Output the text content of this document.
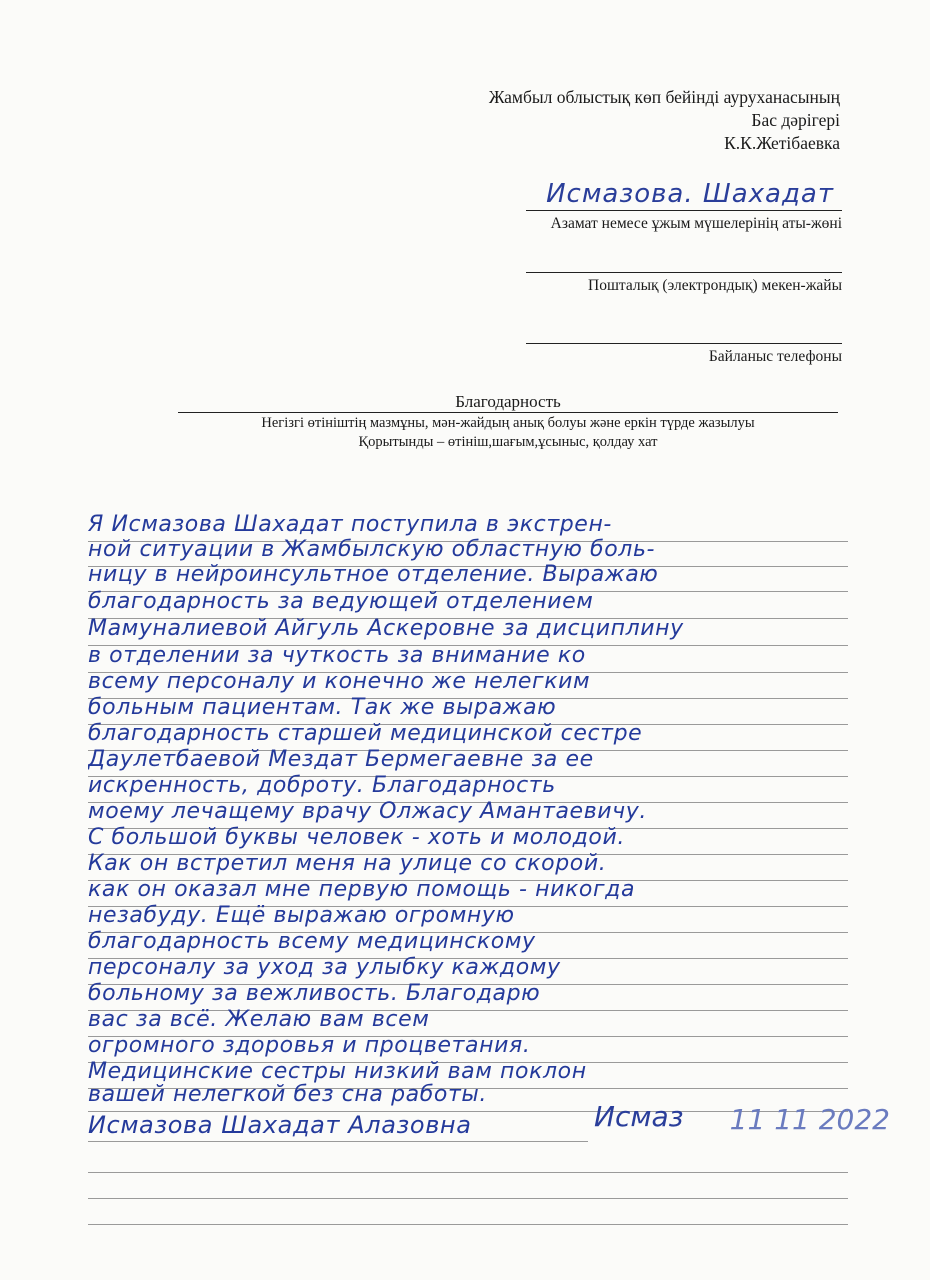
Жамбыл облыстық көп бейінді ауруханасының
Бас дәрігері
К.К.Жетібаевка
Исмазова. Шахадат
Азамат немесе ұжым мүшелерінің аты-жөні
Пошталық (электрондық) мекен-жайы
Байланыс телефоны
Благодарность
Негізгі өтініштің мазмұны, мән-жайдың анық болуы және еркін түрде жазылуы
Қорытынды – өтініш,шағым,ұсыныс, қолдау хат
Я Исмазова Шахадат поступила в экстрен-
ной ситуации в Жамбылскую областную боль-
ницу в нейроинсультное отделение. Выражаю
благодарность за ведующей отделением
Мамуналиевой Айгуль Аскеровне за дисциплину
в отделении за чуткость за внимание ко
всему персоналу и конечно же нелегким
больным пациентам. Так же выражаю
благодарность старшей медицинской сестре
Даулетбаевой Мездат Бермегаевне за ее
искренность, доброту. Благодарность
моему лечащему врачу Олжасу Амантаевичу.
С большой буквы человек - хоть и молодой.
Как он встретил меня на улице со скорой.
как он оказал мне первую помощь - никогда
незабуду. Ещё выражаю огромную
благодарность всему медицинскому
персоналу за уход за улыбку каждому
больному за вежливость. Благодарю
вас за всё. Желаю вам всем
огромного здоровья и процветания.
Медицинские сестры низкий вам поклон
вашей нелегкой без сна работы.
Исмазова Шахадат Алазовна	Исмаз 11 11 2022
